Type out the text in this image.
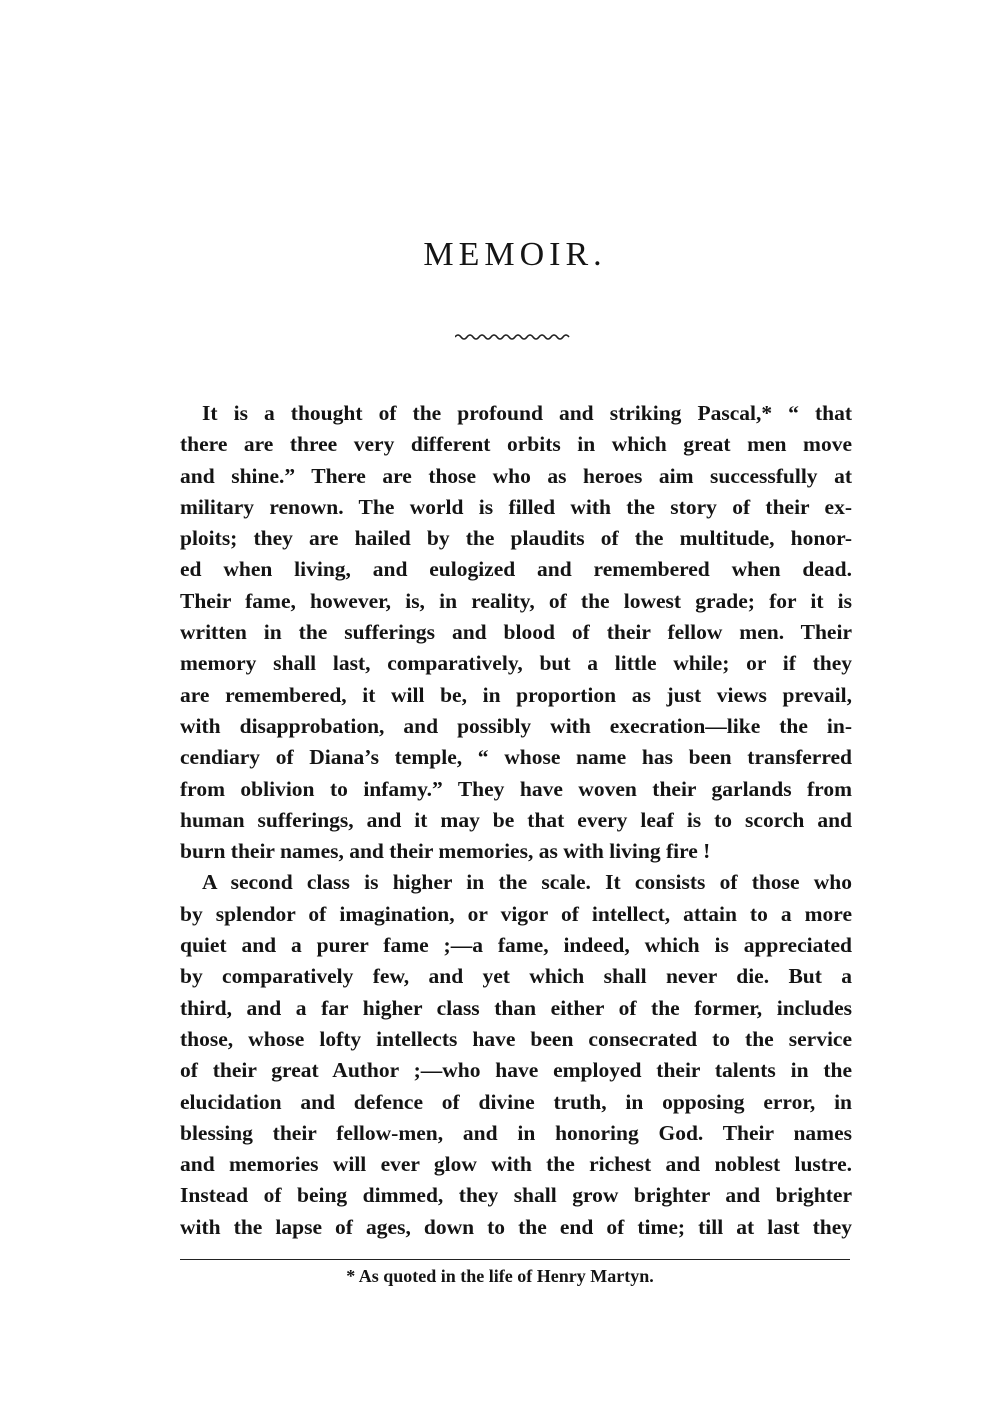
MEMOIR.
It is a thought of the profound and striking Pascal,* “ that
there are three very different orbits in which great men move
and shine.” There are those who as heroes aim successfully at
military renown. The world is filled with the story of their ex-
ploits; they are hailed by the plaudits of the multitude, honor-
ed when living, and eulogized and remembered when dead.
Their fame, however, is, in reality, of the lowest grade; for it is
written in the sufferings and blood of their fellow men. Their
memory shall last, comparatively, but a little while; or if they
are remembered, it will be, in proportion as just views prevail,
with disapprobation, and possibly with execration—like the in-
cendiary of Diana’s temple, “ whose name has been transferred
from oblivion to infamy.” They have woven their garlands from
human sufferings, and it may be that every leaf is to scorch and
burn their names, and their memories, as with living fire !
A second class is higher in the scale. It consists of those who
by splendor of imagination, or vigor of intellect, attain to a more
quiet and a purer fame ;—a fame, indeed, which is appreciated
by comparatively few, and yet which shall never die. But a
third, and a far higher class than either of the former, includes
those, whose lofty intellects have been consecrated to the service
of their great Author ;—who have employed their talents in the
elucidation and defence of divine truth, in opposing error, in
blessing their fellow-men, and in honoring God. Their names
and memories will ever glow with the richest and noblest lustre.
Instead of being dimmed, they shall grow brighter and brighter
with the lapse of ages, down to the end of time; till at last they
* As quoted in the life of Henry Martyn.
